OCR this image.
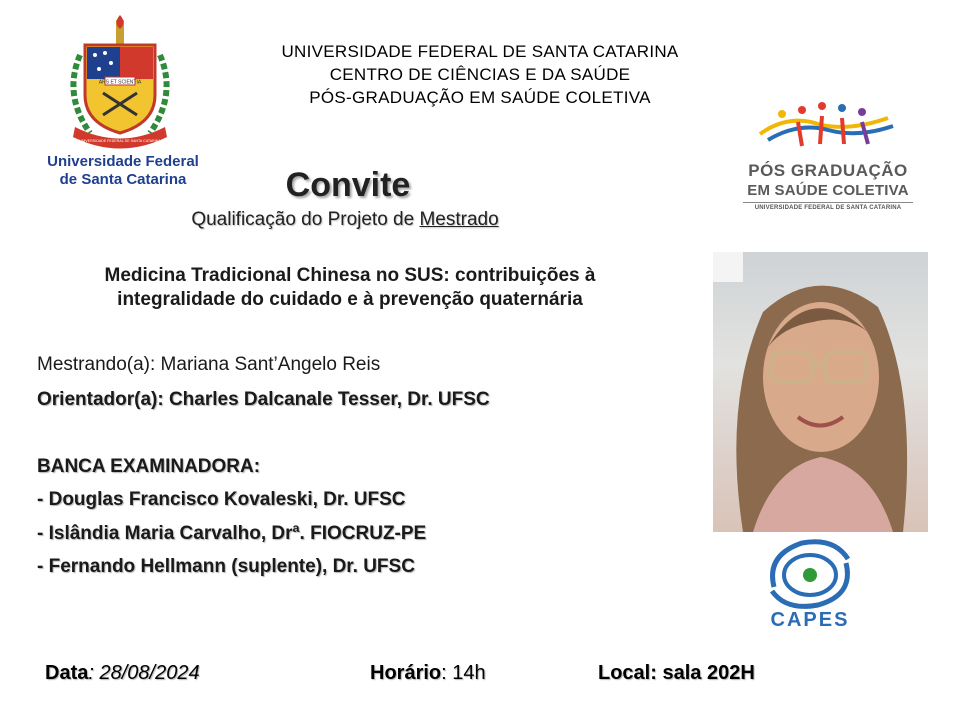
ARS ET SCIENTIA
UNIVERSIDADE FEDERAL DE SANTA CATARINA
Universidade Federal
de Santa Catarina
UNIVERSIDADE FEDERAL DE SANTA CATARINA
CENTRO DE CIÊNCIAS E DA SAÚDE
PÓS-GRADUAÇÃO EM SAÚDE COLETIVA
PÓS GRADUAÇÃO
EM SAÚDE COLETIVA
UNIVERSIDADE FEDERAL DE SANTA CATARINA
Convite
Qualificação do Projeto de Mestrado
Medicina Tradicional Chinesa no SUS: contribuições à
integralidade do cuidado e à prevenção quaternária
Mestrando(a): Mariana Sant’Angelo Reis
Orientador(a): Charles Dalcanale Tesser, Dr. UFSC
BANCA EXAMINADORA:
- Douglas Francisco Kovaleski, Dr. UFSC
- Islândia Maria Carvalho, Drª. FIOCRUZ-PE
- Fernando Hellmann (suplente), Dr. UFSC
CAPES
Data: 28/08/2024	Horário: 14h	Local: sala 202H
